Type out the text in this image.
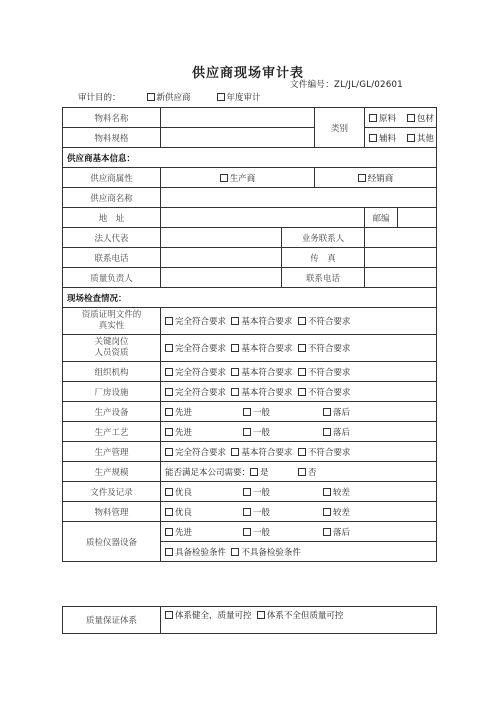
供应商现场审计表
文件编号：ZL/JL/GL/02601
审计目的：	新供应商	年度审计
物料名称			类别	原料 包材	
物料规格				辅料 其他	
供应商基本信息：					
供应商属性	生产商		经销商		
供应商名称					
地　址				邮编	
法人代表		业务联系人			
联系电话		传　真			
质量负责人		联系电话			
现场检查情况：					

资质证明文件的
真实性	完全符合要求 基本符合要求 不符合要求				

关键岗位
人员资质	完全符合要求 基本符合要求 不符合要求				
组织机构	完全符合要求 基本符合要求 不符合要求				
厂房设施	完全符合要求 基本符合要求 不符合要求				
生产设备	先进 一般 落后				
生产工艺	先进 一般 落后				
生产管理	完全符合要求 基本符合要求 不符合要求				
生产规模	能否满足本公司需要： 是 否				
文件及记录	优良 一般 较差				
物料管理	优良 一般 较差				
质检仪器设备	先进 一般 落后				
	具备检验条件 不具备检验条件				
质量保证体系	体系健全，质量可控 体系不全但质量可控
